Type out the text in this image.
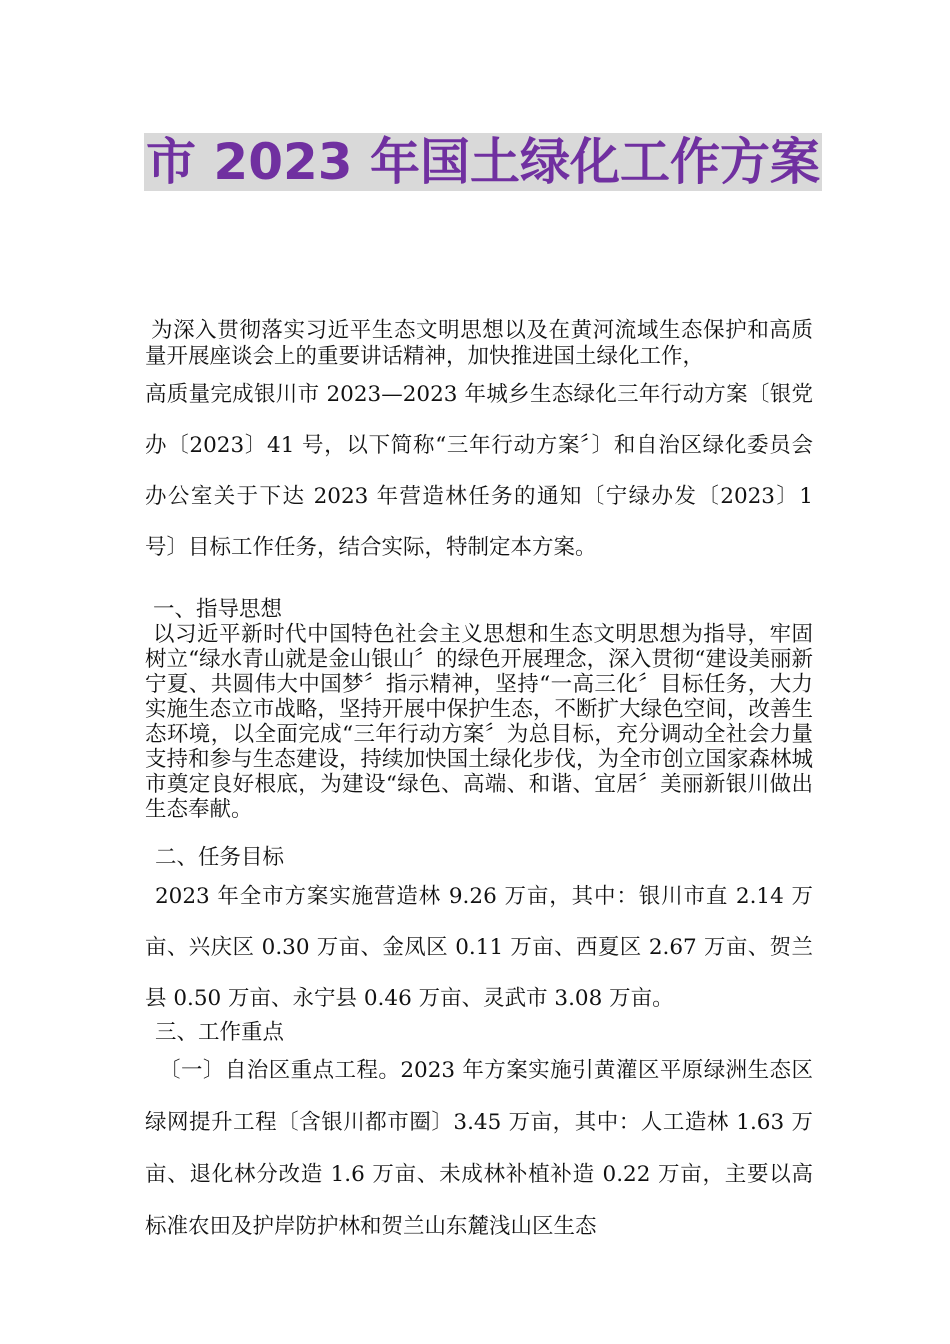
市 2023 年国土绿化工作方案

为深入贯彻落实习近平生态文明思想以及在黄河流域生态保护和高质量开展座谈会上的重要讲话精神，加快推进国土绿化工作，

高质量完成银川市 2023—2023 年城乡生态绿化三年行动方案〔银党办〔2023〕41 号，以下简称“三年行动方案〞〕和自治区绿化委员会办公室关于下达 2023 年营造林任务的通知〔宁绿办发〔2023〕1 号〕目标工作任务，结合实际，特制定本方案。

一、指导思想

以习近平新时代中国特色社会主义思想和生态文明思想为指导，牢固树立“绿水青山就是金山银山〞的绿色开展理念，深入贯彻“建设美丽新宁夏、共圆伟大中国梦〞指示精神，坚持“一高三化〞目标任务，大力实施生态立市战略，坚持开展中保护生态，不断扩大绿色空间，改善生态环境，以全面完成“三年行动方案〞为总目标，充分调动全社会力量支持和参与生态建设，持续加快国土绿化步伐，为全市创立国家森林城市奠定良好根底，为建设“绿色、高端、和谐、宜居〞美丽新银川做出生态奉献。

二、任务目标

2023 年全市方案实施营造林 9.26 万亩，其中：银川市直 2.14 万亩、兴庆区 0.30 万亩、金凤区 0.11 万亩、西夏区 2.67 万亩、贺兰县 0.50 万亩、永宁县 0.46 万亩、灵武市 3.08 万亩。

三、工作重点

〔一〕自治区重点工程。2023 年方案实施引黄灌区平原绿洲生态区绿网提升工程〔含银川都市圈〕3.45 万亩，其中：人工造林 1.63 万亩、退化林分改造 1.6 万亩、未成林补植补造 0.22 万亩，主要以高标准农田及护岸防护林和贺兰山东麓浅山区生态
